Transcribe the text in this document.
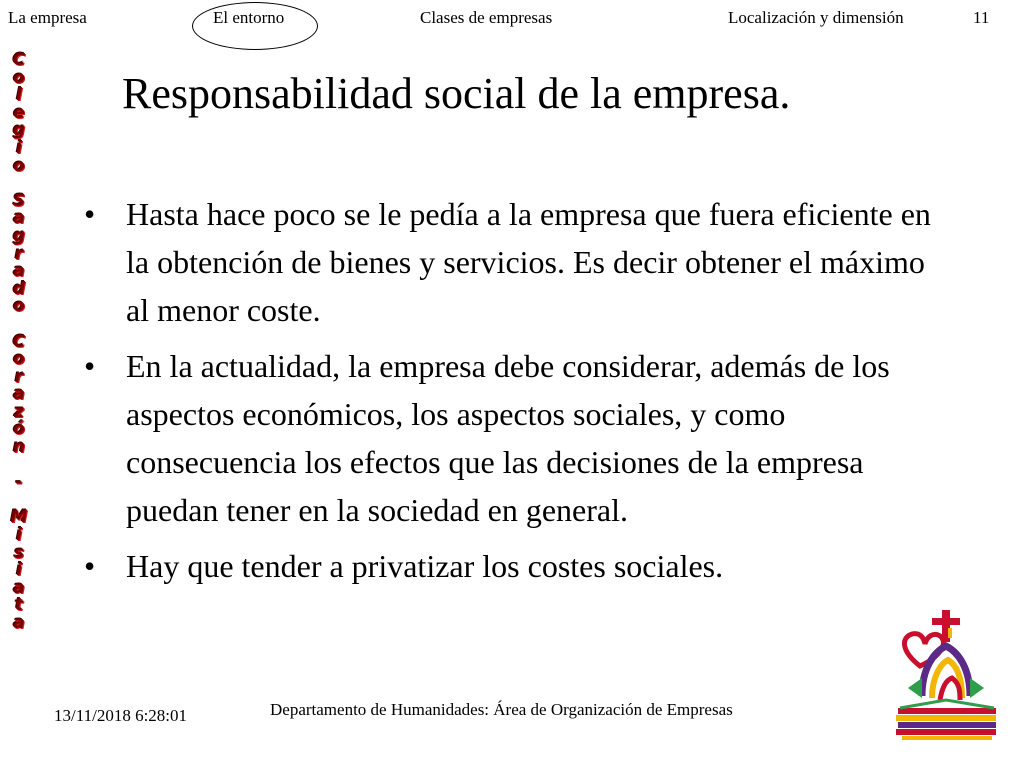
La empresa	El entorno	Clases de empresas	Localización y dimensión	11
C
o
l
e
g
i
o

S
a
g
r
a
d
o

C
o
r
a
z
ó
n

-

M
i
s
i
a
t
a
Responsabilidad social de la empresa.
• Hasta hace poco se le pedía a la empresa que fuera eficiente en la obtención de bienes y servicios. Es decir obtener el máximo al menor coste.
• En la actualidad, la empresa debe considerar, además de los aspectos económicos, los aspectos sociales, y como consecuencia los efectos que las decisiones de la empresa puedan tener en la sociedad en general.
• Hay que tender a privatizar los costes sociales.
13/11/2018 6:28:01	Departamento de Humanidades: Área de Organización de Empresas
